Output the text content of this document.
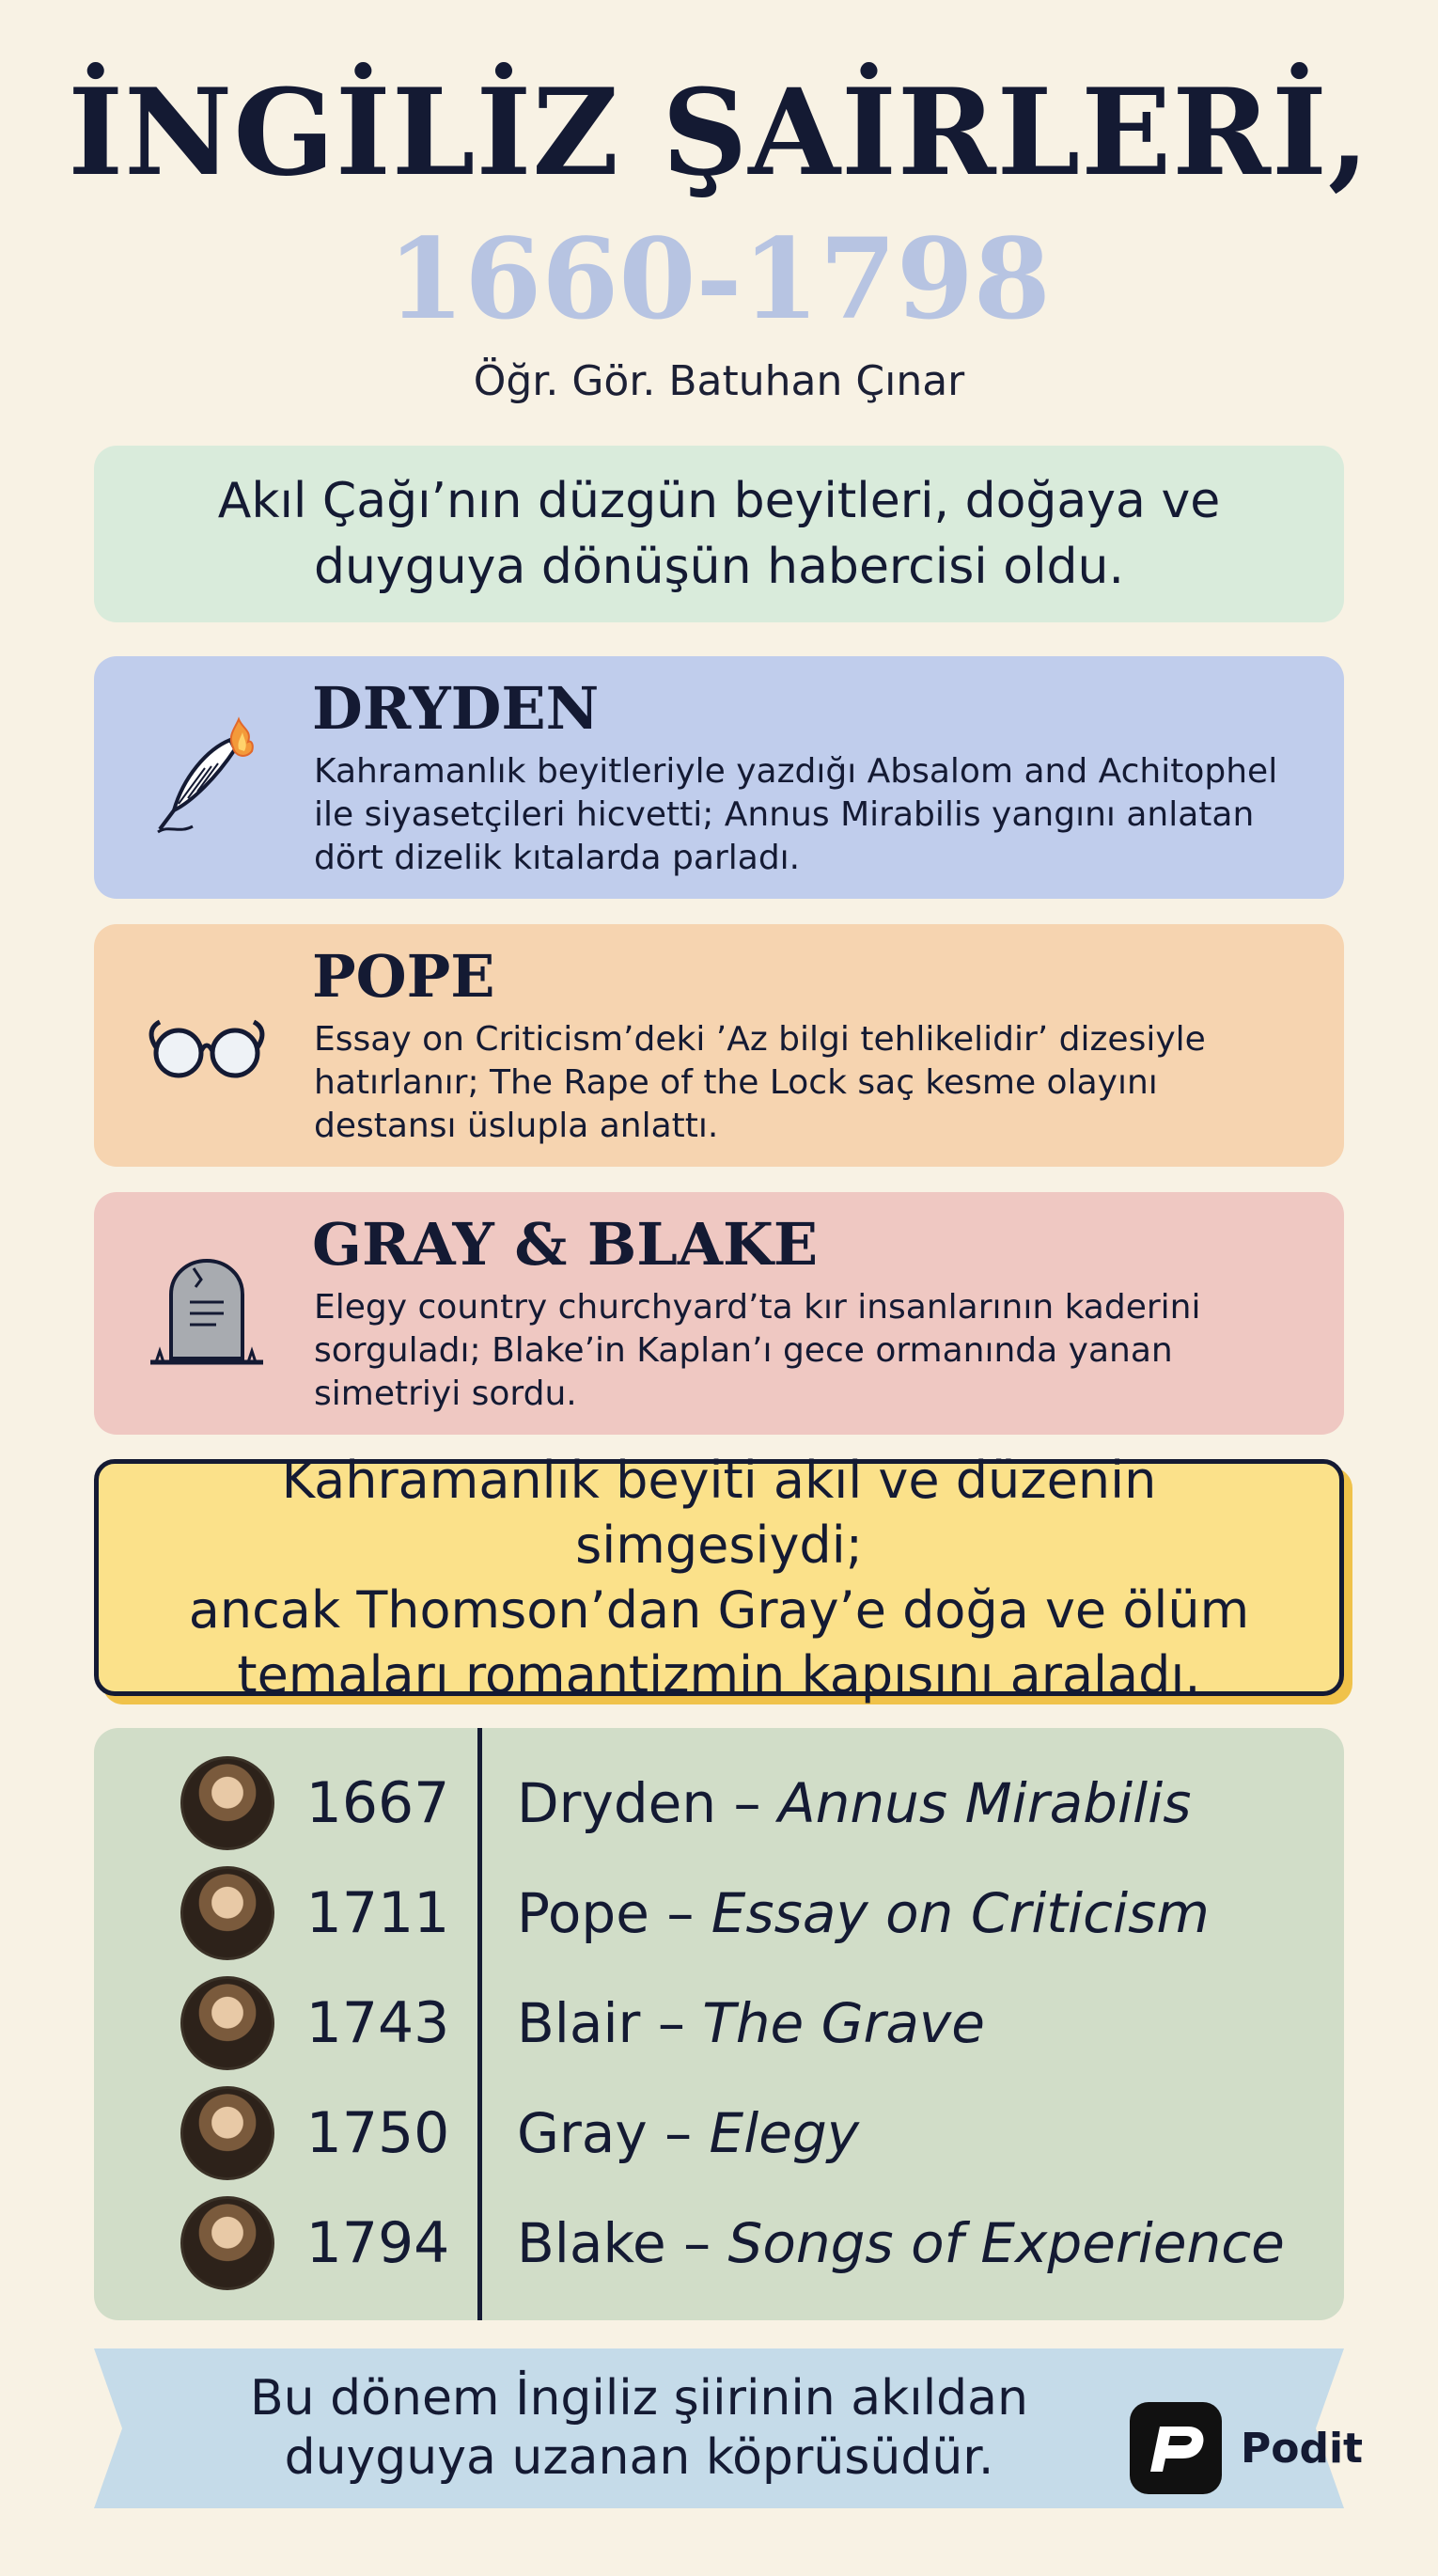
İNGİLİZ ŞAİRLERİ,
1660-1798
Öğr. Gör. Batuhan Çınar
Akıl Çağı’nın düzgün beyitleri, doğaya ve
duyguya dönüşün habercisi oldu.
DRYDEN
Kahramanlık beyitleriyle yazdığı Absalom and Achitophel
ile siyasetçileri hicvetti; Annus Mirabilis yangını anlatan
dört dizelik kıtalarda parladı.
POPE
Essay on Criticism’deki ’Az bilgi tehlikelidir’ dizesiyle
hatırlanır; The Rape of the Lock saç kesme olayını
destansı üslupla anlattı.
GRAY & BLAKE
Elegy country churchyard’ta kır insanlarının kaderini
sorguladı; Blake’in Kaplan’ı gece ormanında yanan
simetriyi sordu.
Kahramanlık beyiti akıl ve düzenin simgesiydi;
ancak Thomson’dan Gray’e doğa ve ölüm
temaları romantizmin kapısını araladı.
1667 Dryden –
Annus Mirabilis
1711 Pope –
Essay on Criticism
1743 Blair –
The Grave
1750 Gray –
Elegy
1794 Blake –
Songs of Experience
Bu dönem İngiliz şiirinin akıldan
duyguya uzanan köprüsüdür.	Podit
